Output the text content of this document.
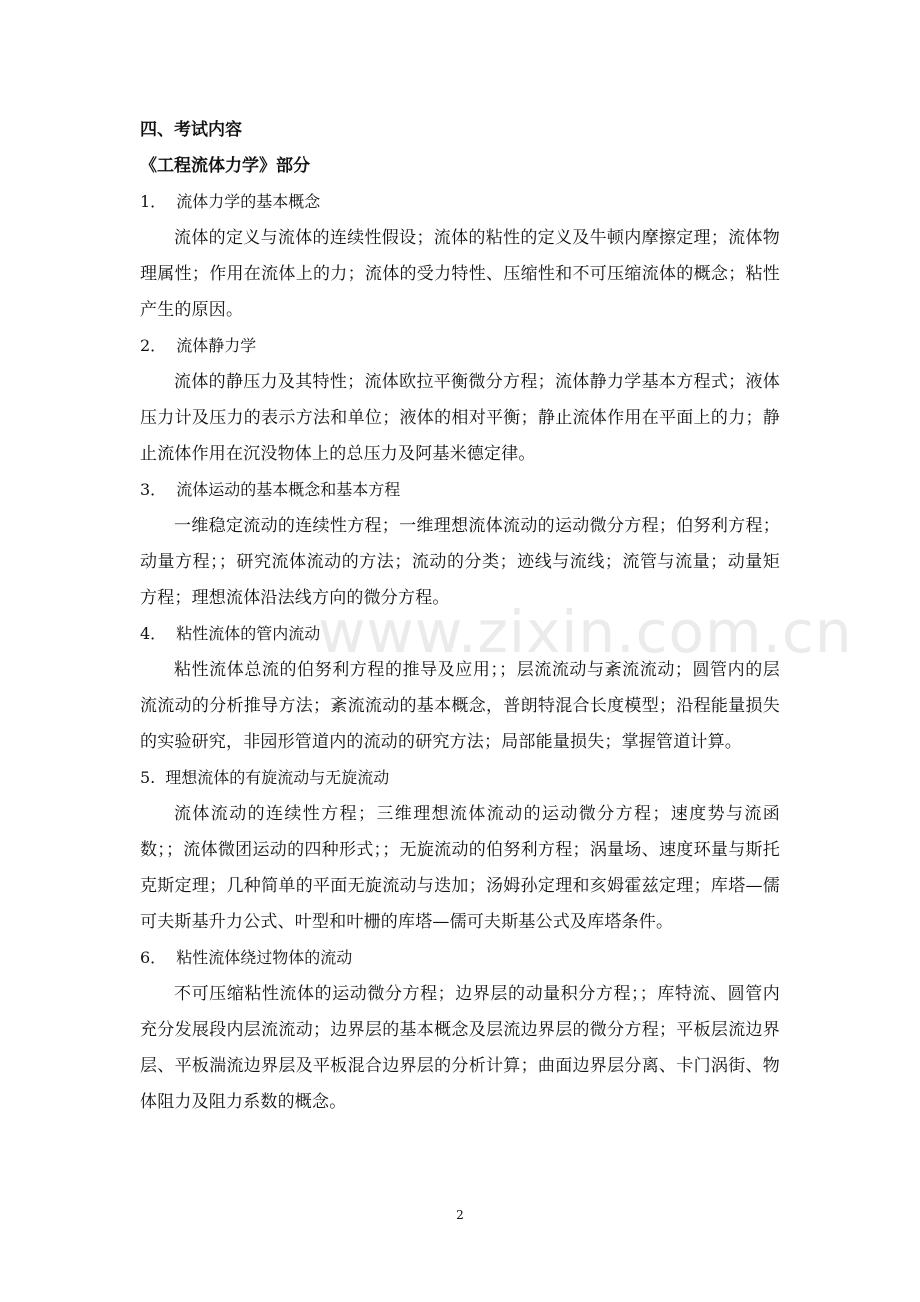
www.zixin.com.cn

四、考试内容

《工程流体力学》部分

1． 流体力学的基本概念

流体的定义与流体的连续性假设；流体的粘性的定义及牛顿内摩擦定理；流体物理属性；作用在流体上的力；流体的受力特性、压缩性和不可压缩流体的概念；粘性产生的原因。

2． 流体静力学

流体的静压力及其特性；流体欧拉平衡微分方程；流体静力学基本方程式；液体压力计及压力的表示方法和单位；液体的相对平衡；静止流体作用在平面上的力；静止流体作用在沉没物体上的总压力及阿基米德定律。

3． 流体运动的基本概念和基本方程

一维稳定流动的连续性方程；一维理想流体流动的运动微分方程；伯努利方程；动量方程；；研究流体流动的方法；流动的分类；迹线与流线；流管与流量；动量矩方程；理想流体沿法线方向的微分方程。

4． 粘性流体的管内流动

粘性流体总流的伯努利方程的推导及应用；；层流流动与紊流流动；圆管内的层流流动的分析推导方法；紊流流动的基本概念，普朗特混合长度模型；沿程能量损失的实验研究，非园形管道内的流动的研究方法；局部能量损失；掌握管道计算。

5. 理想流体的有旋流动与无旋流动

流体流动的连续性方程；三维理想流体流动的运动微分方程；速度势与流函数；；流体微团运动的四种形式；；无旋流动的伯努利方程；涡量场、速度环量与斯托克斯定理；几种简单的平面无旋流动与迭加；汤姆孙定理和亥姆霍兹定理；库塔—儒可夫斯基升力公式、叶型和叶栅的库塔—儒可夫斯基公式及库塔条件。

6． 粘性流体绕过物体的流动

不可压缩粘性流体的运动微分方程；边界层的动量积分方程；；库特流、圆管内充分发展段内层流流动；边界层的基本概念及层流边界层的微分方程；平板层流边界层、平板湍流边界层及平板混合边界层的分析计算；曲面边界层分离、卡门涡街、物体阻力及阻力系数的概念。

2
